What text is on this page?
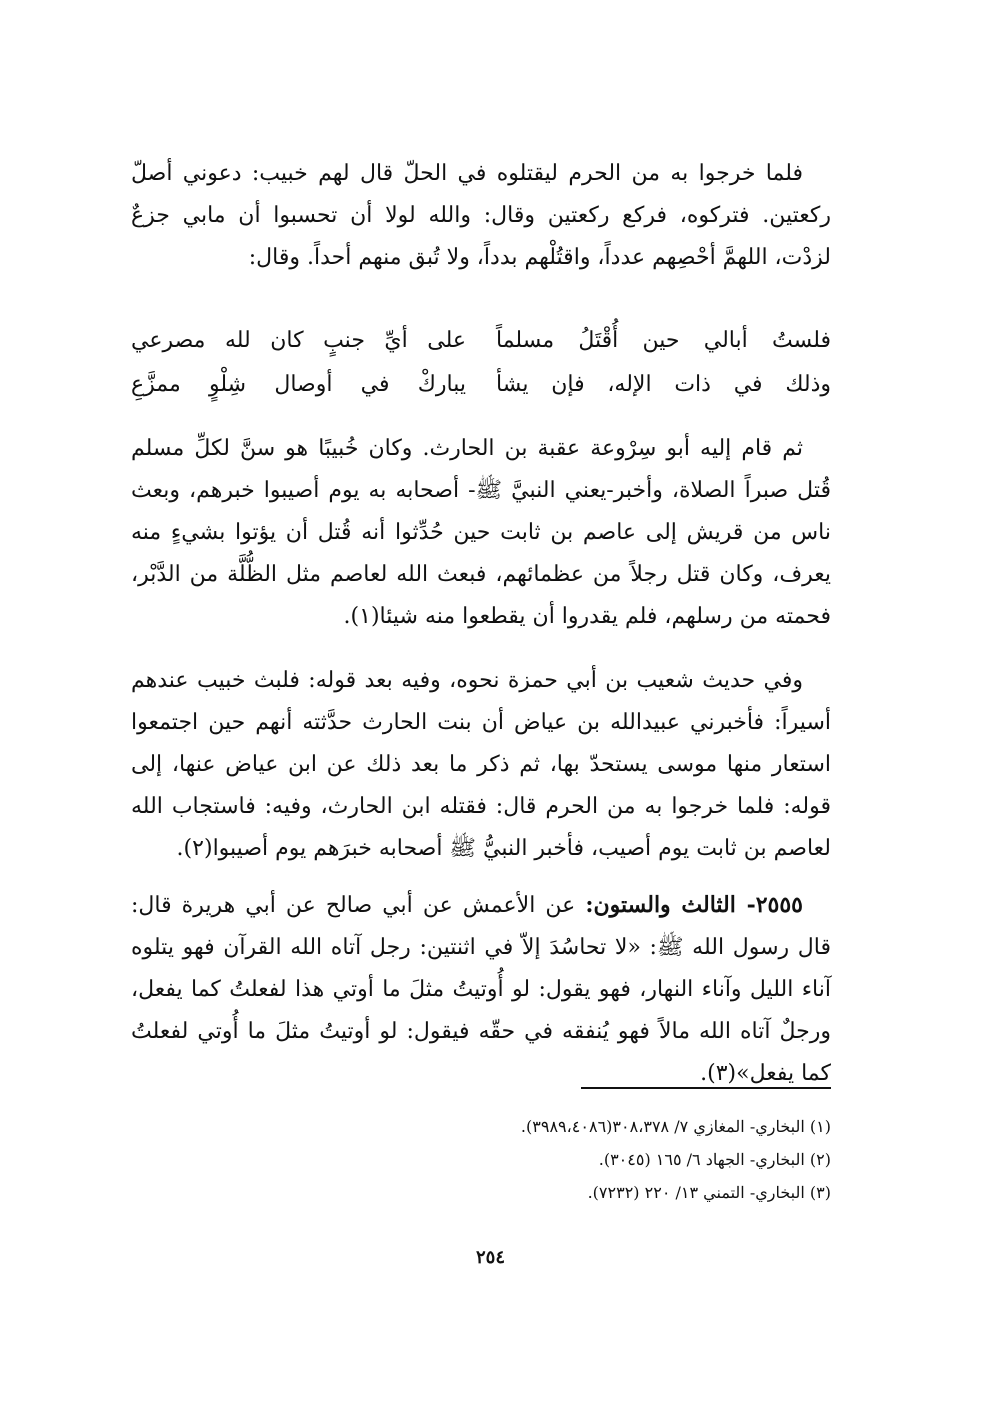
فلما خرجوا به من الحرم ليقتلوه في الحلّ قال لهم خبيب: دعوني أصلّ ركعتين. فتركوه، فركع ركعتين وقال: والله لولا أن تحسبوا أن مابي جزعٌ لزدْت، اللهمَّ أحْصِهم عدداً، واقتُلْهم بدداً، ولا تُبق منهم أحداً. وقال:

فلستُ أبالي حين أُقْتَلُ مسلماً
على أيِّ جنبٍ كان لله مصرعي
وذلك في ذات الإله، فإن يشأ
يباركْ في أوصال شِلْوٍ ممزَّعِ

ثم قام إليه أبو سِرْوعة عقبة بن الحارث. وكان خُبيبًا هو سنَّ لكلِّ مسلم قُتل صبراً الصلاة، وأخبر-يعني النبيَّ ﷺ- أصحابه به يوم أصيبوا خبرهم، وبعث ناس من قريش إلى عاصم بن ثابت حين حُدِّثوا أنه قُتل أن يؤتوا بشيءٍ منه يعرف، وكان قتل رجلاً من عظمائهم، فبعث الله لعاصم مثل الظُّلَّة من الدَّبْر، فحمته من رسلهم، فلم يقدروا أن يقطعوا منه شيئا(١).

وفي حديث شعيب بن أبي حمزة نحوه، وفيه بعد قوله: فلبث خبيب عندهم أسيراً: فأخبرني عبيدالله بن عياض أن بنت الحارث حدَّثته أنهم حين اجتمعوا استعار منها موسى يستحدّ بها، ثم ذكر ما بعد ذلك عن ابن عياض عنها، إلى قوله: فلما خرجوا به من الحرم قال: فقتله ابن الحارث، وفيه: فاستجاب الله لعاصم بن ثابت يوم أصيب، فأخبر النبيُّ ﷺ أصحابه خبرَهم يوم أصيبوا(٢).

٢٥٥٥- الثالث والستون: عن الأعمش عن أبي صالح عن أبي هريرة قال: قال رسول الله ﷺ: «لا تحاسُدَ إلاّ في اثنتين: رجل آتاه الله القرآن فهو يتلوه آناء الليل وآناء النهار، فهو يقول: لو أُوتيتُ مثلَ ما أوتي هذا لفعلتُ كما يفعل، ورجلٌ آتاه الله مالاً فهو يُنفقه في حقّه فيقول: لو أوتيتُ مثلَ ما أُوتي لفعلتُ كما يفعل»(٣).

(١) البخاري- المغازي ٧/ ٣٠٨،٣٧٨(٣٩٨٩،٤٠٨٦).
(٢) البخاري- الجهاد ٦/ ١٦٥ (٣٠٤٥).
(٣) البخاري- التمني ١٣/ ٢٢٠ (٧٢٣٢).
٢٥٤
